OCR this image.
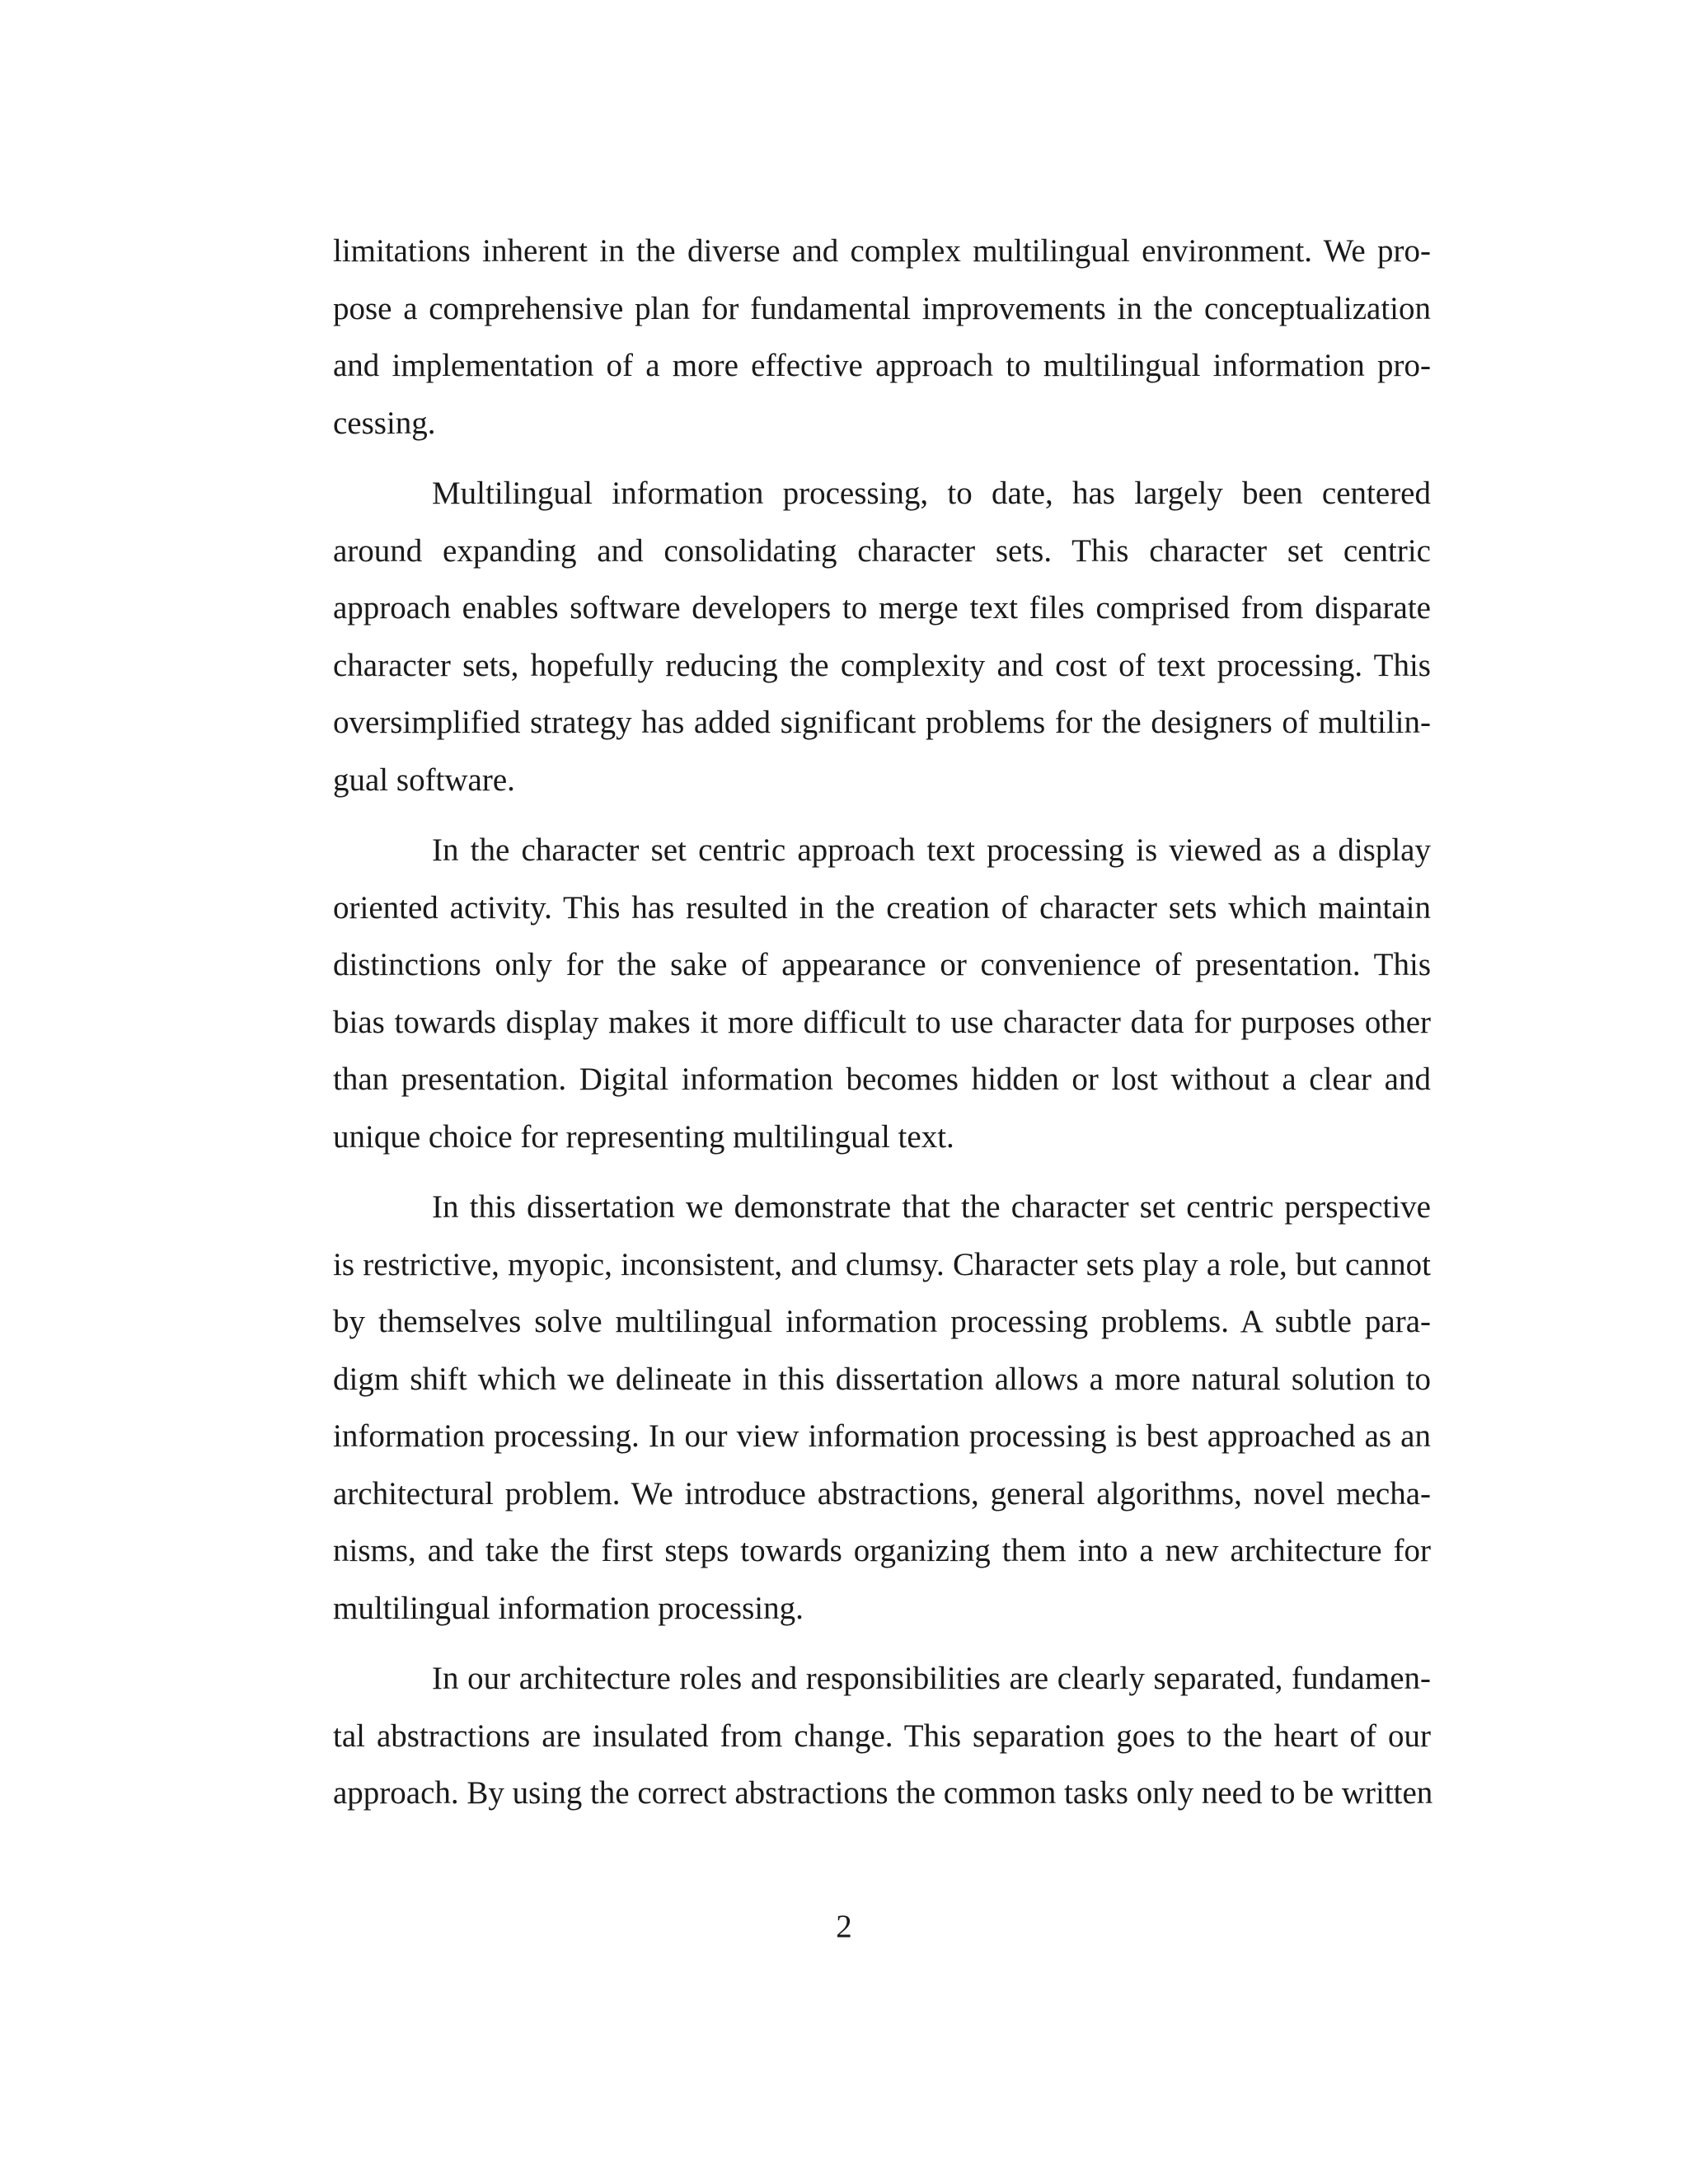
limitations inherent in the diverse and complex multilingual environment. We pro-
pose a comprehensive plan for fundamental improvements in the conceptualization
and implementation of a more effective approach to multilingual information pro-
cessing.
Multilingual information processing, to date, has largely been centered
around expanding and consolidating character sets. This character set centric
approach enables software developers to merge text files comprised from disparate
character sets, hopefully reducing the complexity and cost of text processing. This
oversimplified strategy has added significant problems for the designers of multilin-
gual software.
In the character set centric approach text processing is viewed as a display
oriented activity. This has resulted in the creation of character sets which maintain
distinctions only for the sake of appearance or convenience of presentation. This
bias towards display makes it more difficult to use character data for purposes other
than presentation. Digital information becomes hidden or lost without a clear and
unique choice for representing multilingual text.
In this dissertation we demonstrate that the character set centric perspective
is restrictive, myopic, inconsistent, and clumsy. Character sets play a role, but cannot
by themselves solve multilingual information processing problems. A subtle para-
digm shift which we delineate in this dissertation allows a more natural solution to
information processing. In our view information processing is best approached as an
architectural problem. We introduce abstractions, general algorithms, novel mecha-
nisms, and take the first steps towards organizing them into a new architecture for
multilingual information processing.
In our architecture roles and responsibilities are clearly separated, fundamen-
tal abstractions are insulated from change. This separation goes to the heart of our
approach. By using the correct abstractions the common tasks only need to be written
2
